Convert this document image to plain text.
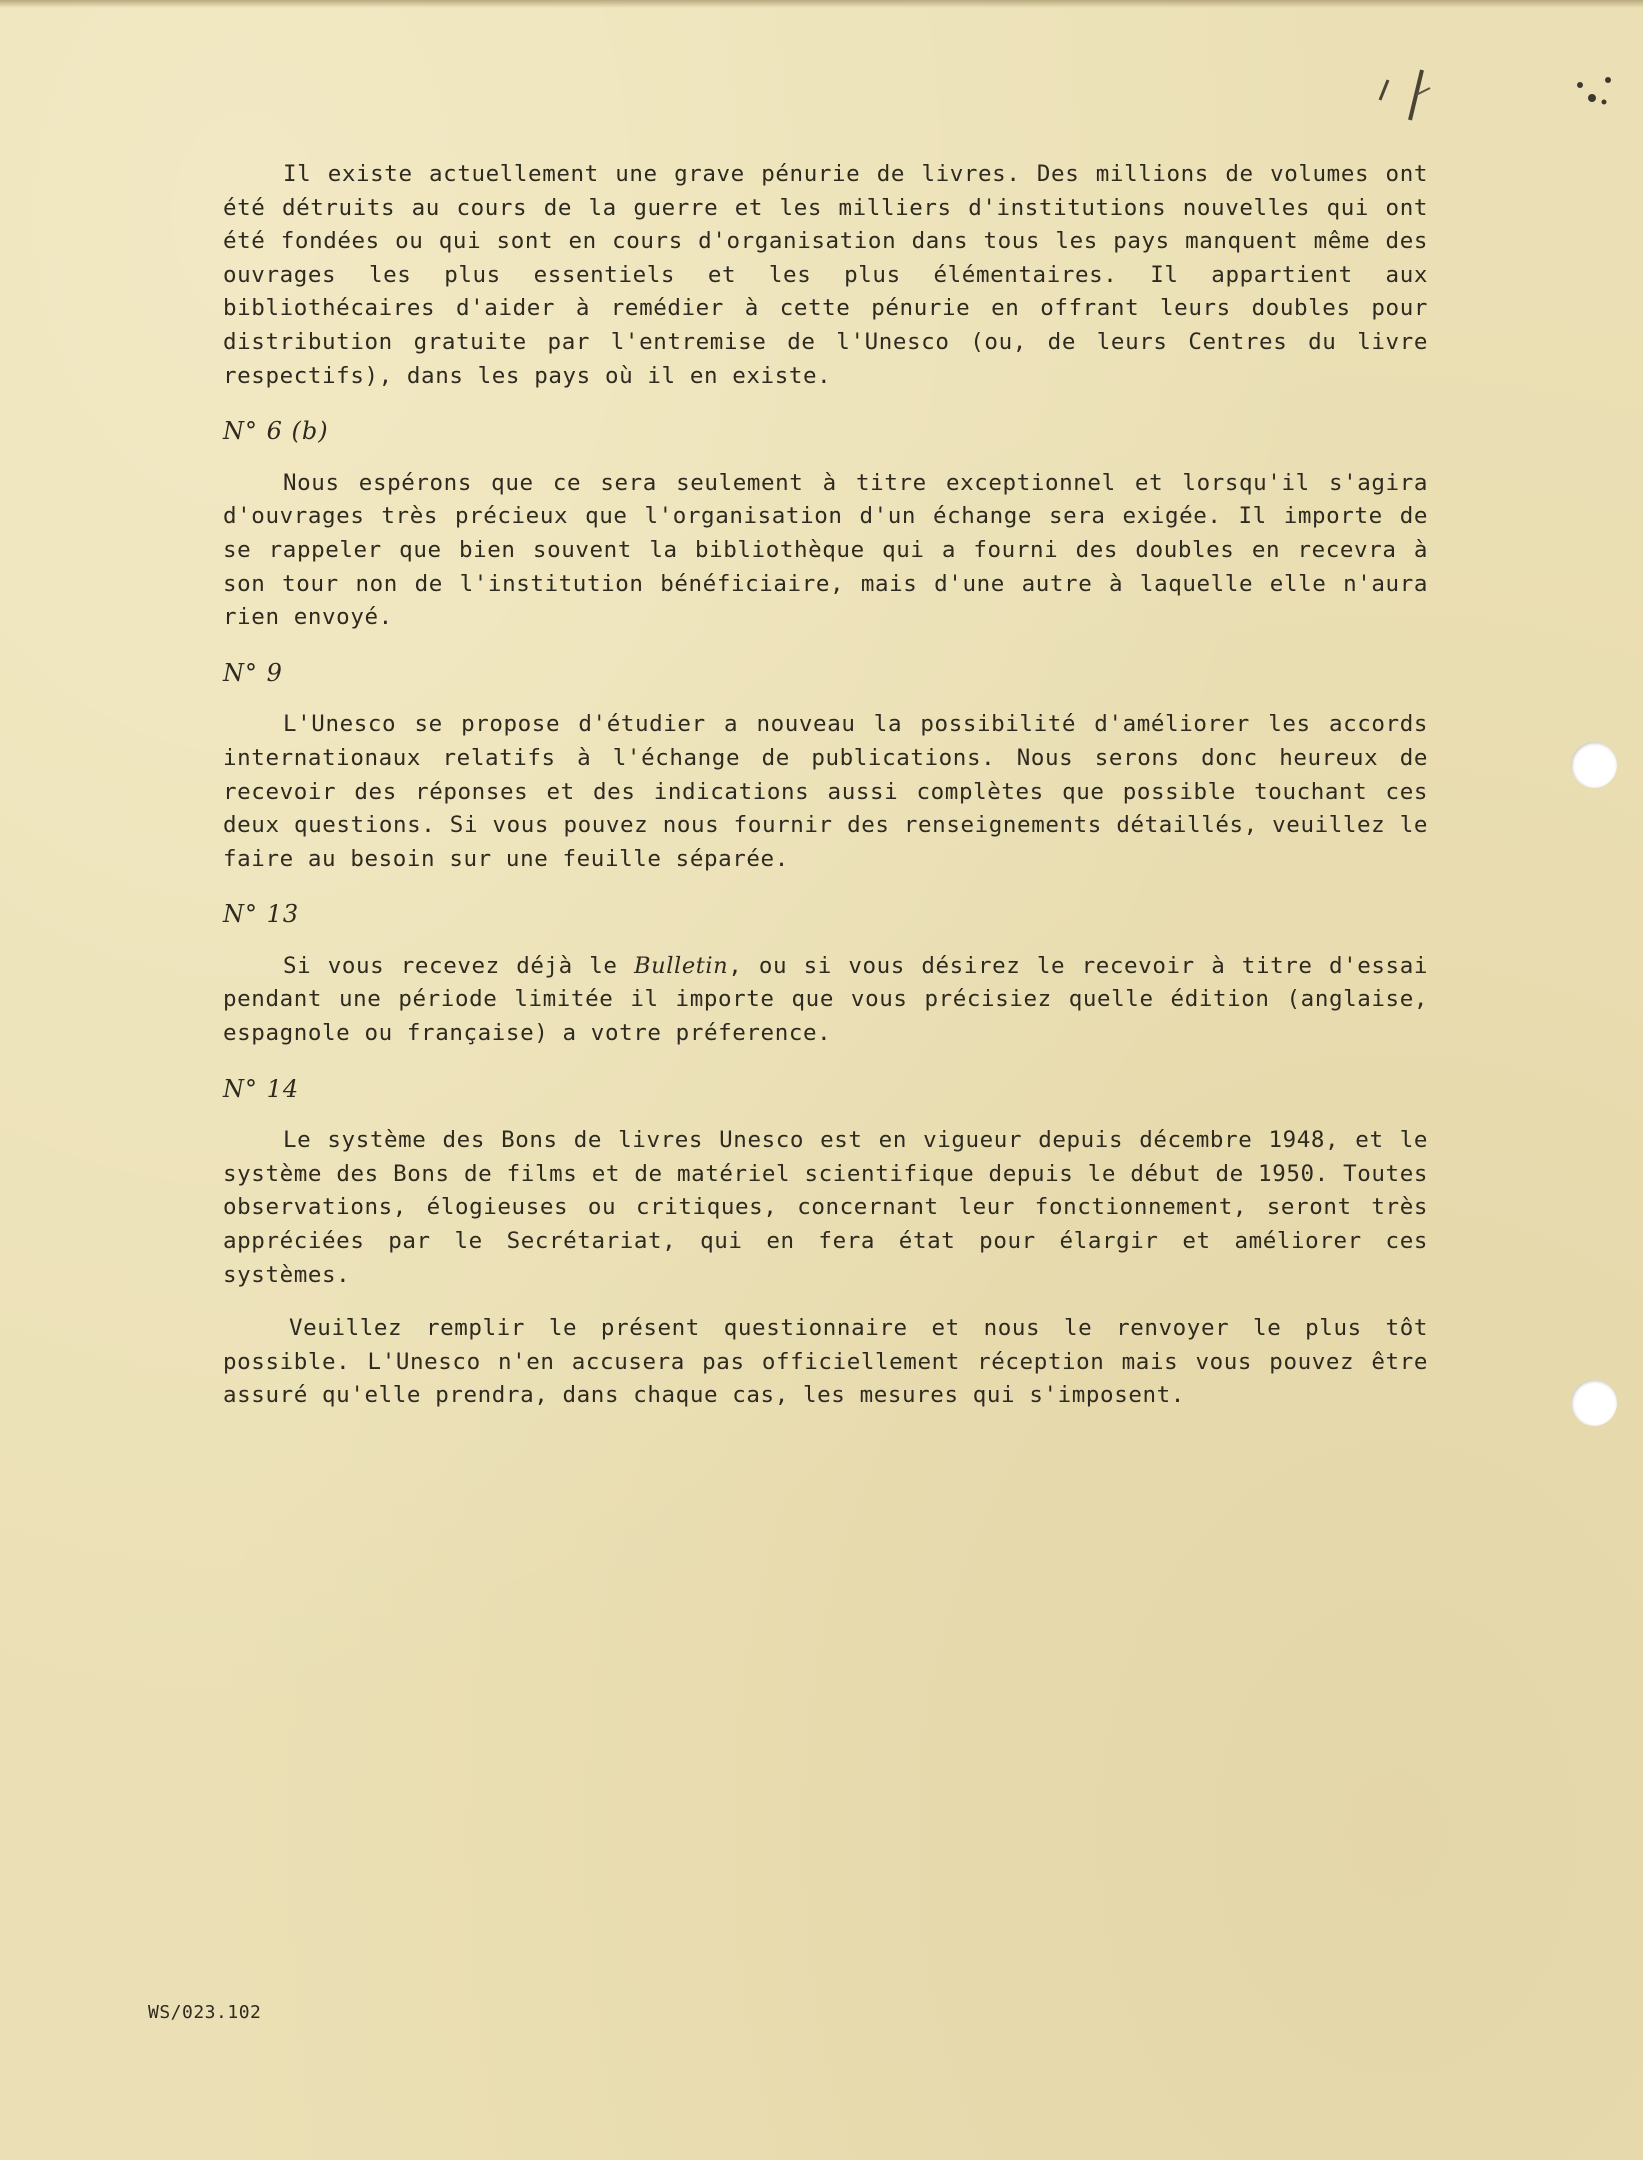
Il existe actuellement une grave pénurie de livres. Des millions de volumes ont été détruits au cours de la guerre et les milliers d'institutions nouvelles qui ont été fondées ou qui sont en cours d'organisation dans tous les pays manquent même des ouvrages les plus essentiels et les plus élémentaires. Il appartient aux bibliothécaires d'aider à remédier à cette pénurie en offrant leurs doubles pour distribution gratuite par l'entremise de l'Unesco (ou, de leurs Centres du livre respectifs), dans les pays où il en existe.

N° 6 (b)

Nous espérons que ce sera seulement à titre exceptionnel et lorsqu'il s'agira d'ouvrages très précieux que l'organisation d'un échange sera exigée. Il importe de se rappeler que bien souvent la bibliothèque qui a fourni des doubles en recevra à son tour non de l'institution bénéficiaire, mais d'une autre à laquelle elle n'aura rien envoyé.

N° 9

L'Unesco se propose d'étudier a nouveau la possibilité d'améliorer les accords internationaux relatifs à l'échange de publications. Nous serons donc heureux de recevoir des réponses et des indications aussi complètes que possible touchant ces deux questions. Si vous pouvez nous fournir des renseignements détaillés, veuillez le faire au besoin sur une feuille séparée.

N° 13

Si vous recevez déjà le Bulletin, ou si vous désirez le recevoir à titre d'essai pendant une période limitée il importe que vous précisiez quelle édition (anglaise, espagnole ou française) a votre préference.

N° 14

Le système des Bons de livres Unesco est en vigueur depuis décembre 1948, et le système des Bons de films et de matériel scientifique depuis le début de 1950. Toutes observations, élogieuses ou critiques, concernant leur fonctionnement, seront très appréciées par le Secrétariat, qui en fera état pour élargir et améliorer ces systèmes.

Veuillez remplir le présent questionnaire et nous le renvoyer le plus tôt possible. L'Unesco n'en accusera pas officiellement réception mais vous pouvez être assuré qu'elle prendra, dans chaque cas, les mesures qui s'imposent.

WS/023.102
